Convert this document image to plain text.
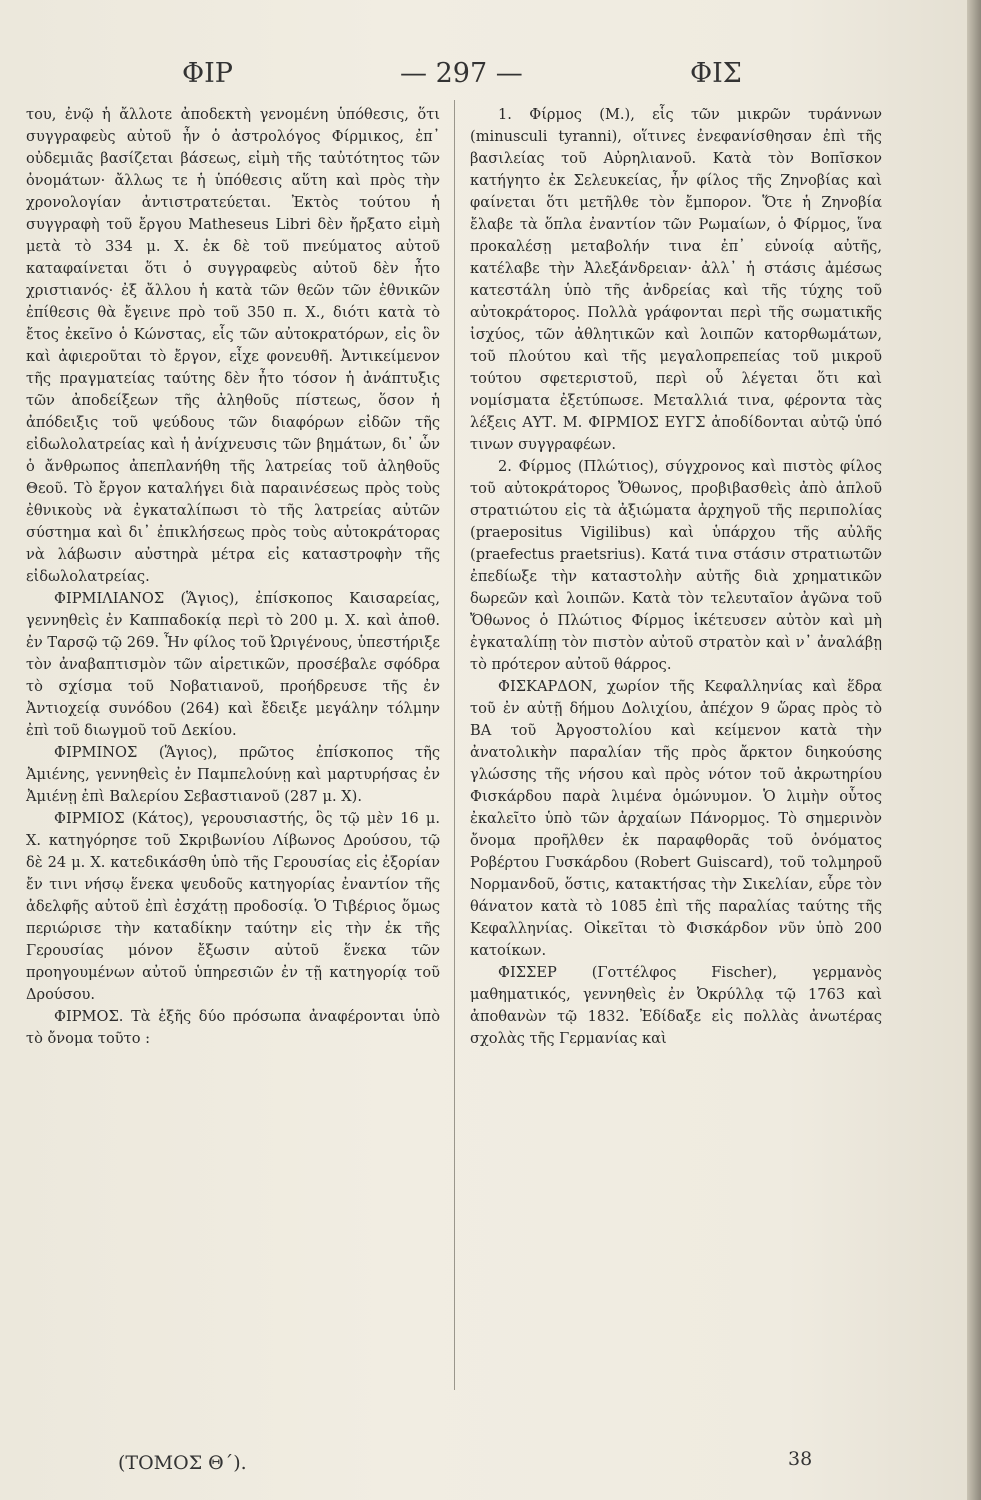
ΦΙΡ	— 297 —	ΦΙΣ

του, ἐνῷ ἡ ἄλλοτε ἀποδεκτὴ γενομένη ὑπόθεσις, ὅτι συγγραφεὺς αὐτοῦ ἦν ὁ ἀστρολόγος Φίρμικος, ἐπ᾽ οὐδεμιᾶς βασίζεται βάσεως, εἰμὴ τῆς ταὐτότητος τῶν ὀνομάτων· ἄλλως τε ἡ ὑπόθεσις αὕτη καὶ πρὸς τὴν χρονολογίαν ἀντιστρατεύεται. Ἐκτὸς τούτου ἡ συγγραφὴ τοῦ ἔργου Matheseus Libri δὲν ἤρξατο εἰμὴ μετὰ τὸ 334 μ. Χ. ἐκ δὲ τοῦ πνεύματος αὐτοῦ καταφαίνεται ὅτι ὁ συγγραφεὺς αὐτοῦ δὲν ἦτο χριστιανός· ἐξ ἄλλου ἡ κατὰ τῶν θεῶν τῶν ἐθνικῶν ἐπίθεσις θὰ ἔγεινε πρὸ τοῦ 350 π. Χ., διότι κατὰ τὸ ἔτος ἐκεῖνο ὁ Κώνστας, εἷς τῶν αὐτοκρατόρων, εἰς ὃν καὶ ἀφιεροῦται τὸ ἔργον, εἶχε φονευθῆ. Ἀντικείμενον τῆς πραγματείας ταύτης δὲν ἦτο τόσον ἡ ἀνάπτυξις τῶν ἀποδείξεων τῆς ἀληθοῦς πίστεως, ὅσον ἡ ἀπόδειξις τοῦ ψεύδους τῶν διαφόρων εἰδῶν τῆς εἰδωλολατρείας καὶ ἡ ἀνίχνευσις τῶν βημάτων, δι᾽ ὧν ὁ ἄνθρωπος ἀπεπλανήθη τῆς λατρείας τοῦ ἀληθοῦς Θεοῦ. Τὸ ἔργον καταλήγει διὰ παραινέσεως πρὸς τοὺς ἐθνικοὺς νὰ ἐγκαταλίπωσι τὸ τῆς λατρείας αὐτῶν σύστημα καὶ δι᾽ ἐπικλήσεως πρὸς τοὺς αὐτοκράτορας νὰ λάβωσιν αὐστηρὰ μέτρα εἰς καταστροφὴν τῆς εἰδωλολατρείας.

ΦΙΡΜΙΛΙΑΝΟΣ (Ἅγιος), ἐπίσκοπος Καισαρείας, γεννηθεὶς ἐν Καππαδοκίᾳ περὶ τὸ 200 μ. Χ. καὶ ἀποθ. ἐν Ταρσῷ τῷ 269. Ἦν φίλος τοῦ Ὠριγένους, ὑπεστήριξε τὸν ἀναβαπτισμὸν τῶν αἱρετικῶν, προσέβαλε σφόδρα τὸ σχίσμα τοῦ Νοβατιανοῦ, προήδρευσε τῆς ἐν Ἀντιοχείᾳ συνόδου (264) καὶ ἔδειξε μεγάλην τόλμην ἐπὶ τοῦ διωγμοῦ τοῦ Δεκίου.

ΦΙΡΜΙΝΟΣ (Ἅγιος), πρῶτος ἐπίσκοπος τῆς Ἀμιένης, γεννηθεὶς ἐν Παμπελούνῃ καὶ μαρτυρήσας ἐν Ἀμιένῃ ἐπὶ Βαλερίου Σεβαστιανοῦ (287 μ. Χ).

ΦΙΡΜΙΟΣ (Κάτος), γερουσιαστής, ὃς τῷ μὲν 16 μ. Χ. κατηγόρησε τοῦ Σκριβωνίου Λίβωνος Δρούσου, τῷ δὲ 24 μ. Χ. κατεδικάσθη ὑπὸ τῆς Γερουσίας εἰς ἐξορίαν ἔν τινι νήσῳ ἕνεκα ψευδοῦς κατηγορίας ἐναντίον τῆς ἀδελφῆς αὐτοῦ ἐπὶ ἐσχάτῃ προδοσίᾳ. Ὁ Τιβέριος ὅμως περιώρισε τὴν καταδίκην ταύτην εἰς τὴν ἐκ τῆς Γερουσίας μόνον ἔξωσιν αὐτοῦ ἕνεκα τῶν προηγουμένων αὐτοῦ ὑπηρεσιῶν ἐν τῇ κατηγορίᾳ τοῦ Δρούσου.

ΦΙΡΜΟΣ. Τὰ ἑξῆς δύο πρόσωπα ἀναφέρονται ὑπὸ τὸ ὄνομα τοῦτο :

1. Φίρμος (Μ.), εἷς τῶν μικρῶν τυράννων (minusculi tyranni), οἵτινες ἐνεφανίσθησαν ἐπὶ τῆς βασιλείας τοῦ Αὐρηλιανοῦ. Κατὰ τὸν Βοπῖσκον κατήγητο ἐκ Σελευκείας, ἦν φίλος τῆς Ζηνοβίας καὶ φαίνεται ὅτι μετῆλθε τὸν ἔμπορον. Ὅτε ἡ Ζηνοβία ἔλαβε τὰ ὅπλα ἐναντίον τῶν Ρωμαίων, ὁ Φίρμος, ἵνα προκαλέσῃ μεταβολήν τινα ἐπ᾽ εὐνοίᾳ αὐτῆς, κατέλαβε τὴν Ἀλεξάνδρειαν· ἀλλ᾽ ἡ στάσις ἀμέσως κατεστάλη ὑπὸ τῆς ἀνδρείας καὶ τῆς τύχης τοῦ αὐτοκράτορος. Πολλὰ γράφονται περὶ τῆς σωματικῆς ἰσχύος, τῶν ἀθλητικῶν καὶ λοιπῶν κατορθωμάτων, τοῦ πλούτου καὶ τῆς μεγαλοπρεπείας τοῦ μικροῦ τούτου σφετεριστοῦ, περὶ οὗ λέγεται ὅτι καὶ νομίσματα ἐξετύπωσε. Μεταλλιά τινα, φέροντα τὰς λέξεις ΑΥΤ. Μ. ΦΙΡΜΙΟΣ ΕΥΓΣ ἀποδίδονται αὐτῷ ὑπό τινων συγγραφέων.

2. Φίρμος (Πλώτιος), σύγχρονος καὶ πιστὸς φίλος τοῦ αὐτοκράτορος Ὄθωνος, προβιβασθεὶς ἀπὸ ἁπλοῦ στρατιώτου εἰς τὰ ἀξιώματα ἀρχηγοῦ τῆς περιπολίας (praepositus Vigilibus) καὶ ὑπάρχου τῆς αὐλῆς (praefectus praetsrius). Κατά τινα στάσιν στρατιωτῶν ἐπεδίωξε τὴν καταστολὴν αὐτῆς διὰ χρηματικῶν δωρεῶν καὶ λοιπῶν. Κατὰ τὸν τελευταῖον ἀγῶνα τοῦ Ὄθωνος ὁ Πλώτιος Φίρμος ἱκέτευσεν αὐτὸν καὶ μὴ ἐγκαταλίπῃ τὸν πιστὸν αὐτοῦ στρατὸν καὶ ν᾽ ἀναλάβῃ τὸ πρότερον αὐτοῦ θάρρος.

ΦΙΣΚΑΡΔΟΝ, χωρίον τῆς Κεφαλληνίας καὶ ἕδρα τοῦ ἐν αὐτῇ δήμου Δολιχίου, ἀπέχον 9 ὥρας πρὸς τὸ ΒΑ τοῦ Ἀργοστολίου καὶ κείμενον κατὰ τὴν ἀνατολικὴν παραλίαν τῆς πρὸς ἄρκτον διηκούσης γλώσσης τῆς νήσου καὶ πρὸς νότον τοῦ ἀκρωτηρίου Φισκάρδου παρὰ λιμένα ὁμώνυμον. Ὁ λιμὴν οὗτος ἐκαλεῖτο ὑπὸ τῶν ἀρχαίων Πάνορμος. Τὸ σημερινὸν ὄνομα προῆλθεν ἐκ παραφθορᾶς τοῦ ὀνόματος Ροβέρτου Γυσκάρδου (Robert Guiscard), τοῦ τολμηροῦ Νορμανδοῦ, ὅστις, κατακτήσας τὴν Σικελίαν, εὗρε τὸν θάνατον κατὰ τὸ 1085 ἐπὶ τῆς παραλίας ταύτης τῆς Κεφαλληνίας. Οἰκεῖται τὸ Φισκάρδον νῦν ὑπὸ 200 κατοίκων.

ΦΙΣΣΕΡ (Γοττέλφος Fischer), γερμανὸς μαθηματικός, γεννηθεὶς ἐν Ὀκρύλλᾳ τῷ 1763 καὶ ἀποθανὼν τῷ 1832. Ἐδίδαξε εἰς πολλὰς ἀνωτέρας σχολὰς τῆς Γερμανίας καὶ

(ΤΟΜΟΣ Θ΄).	38
